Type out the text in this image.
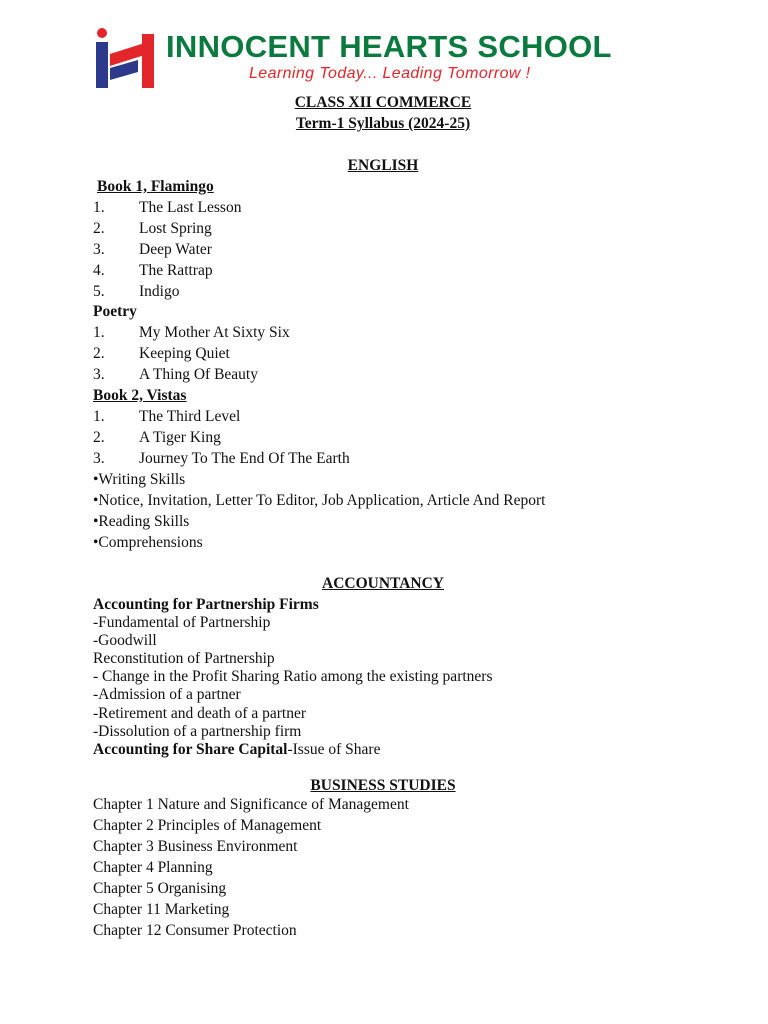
INNOCENT HEARTS SCHOOL
Learning Today... Leading Tomorrow !
CLASS XII COMMERCE
Term-1 Syllabus (2024-25)
ENGLISH
Book 1, Flamingo
1. The Last Lesson
2. Lost Spring
3. Deep Water
4. The Rattrap
5. Indigo
Poetry
1. My Mother At Sixty Six
2. Keeping Quiet
3. A Thing Of Beauty
Book 2, Vistas
1. The Third Level
2. A Tiger King
3. Journey To The End Of The Earth
•Writing Skills
•Notice, Invitation, Letter To Editor, Job Application, Article And Report
•Reading Skills
•Comprehensions
ACCOUNTANCY
Accounting for Partnership Firms
-Fundamental of Partnership
-Goodwill
Reconstitution of Partnership
- Change in the Profit Sharing Ratio among the existing partners
-Admission of a partner
-Retirement and death of a partner
-Dissolution of a partnership firm
Accounting for Share Capital-Issue of Share
BUSINESS STUDIES
Chapter 1 Nature and Significance of Management
Chapter 2 Principles of Management
Chapter 3 Business Environment
Chapter 4 Planning
Chapter 5 Organising
Chapter 11 Marketing
Chapter 12 Consumer Protection
